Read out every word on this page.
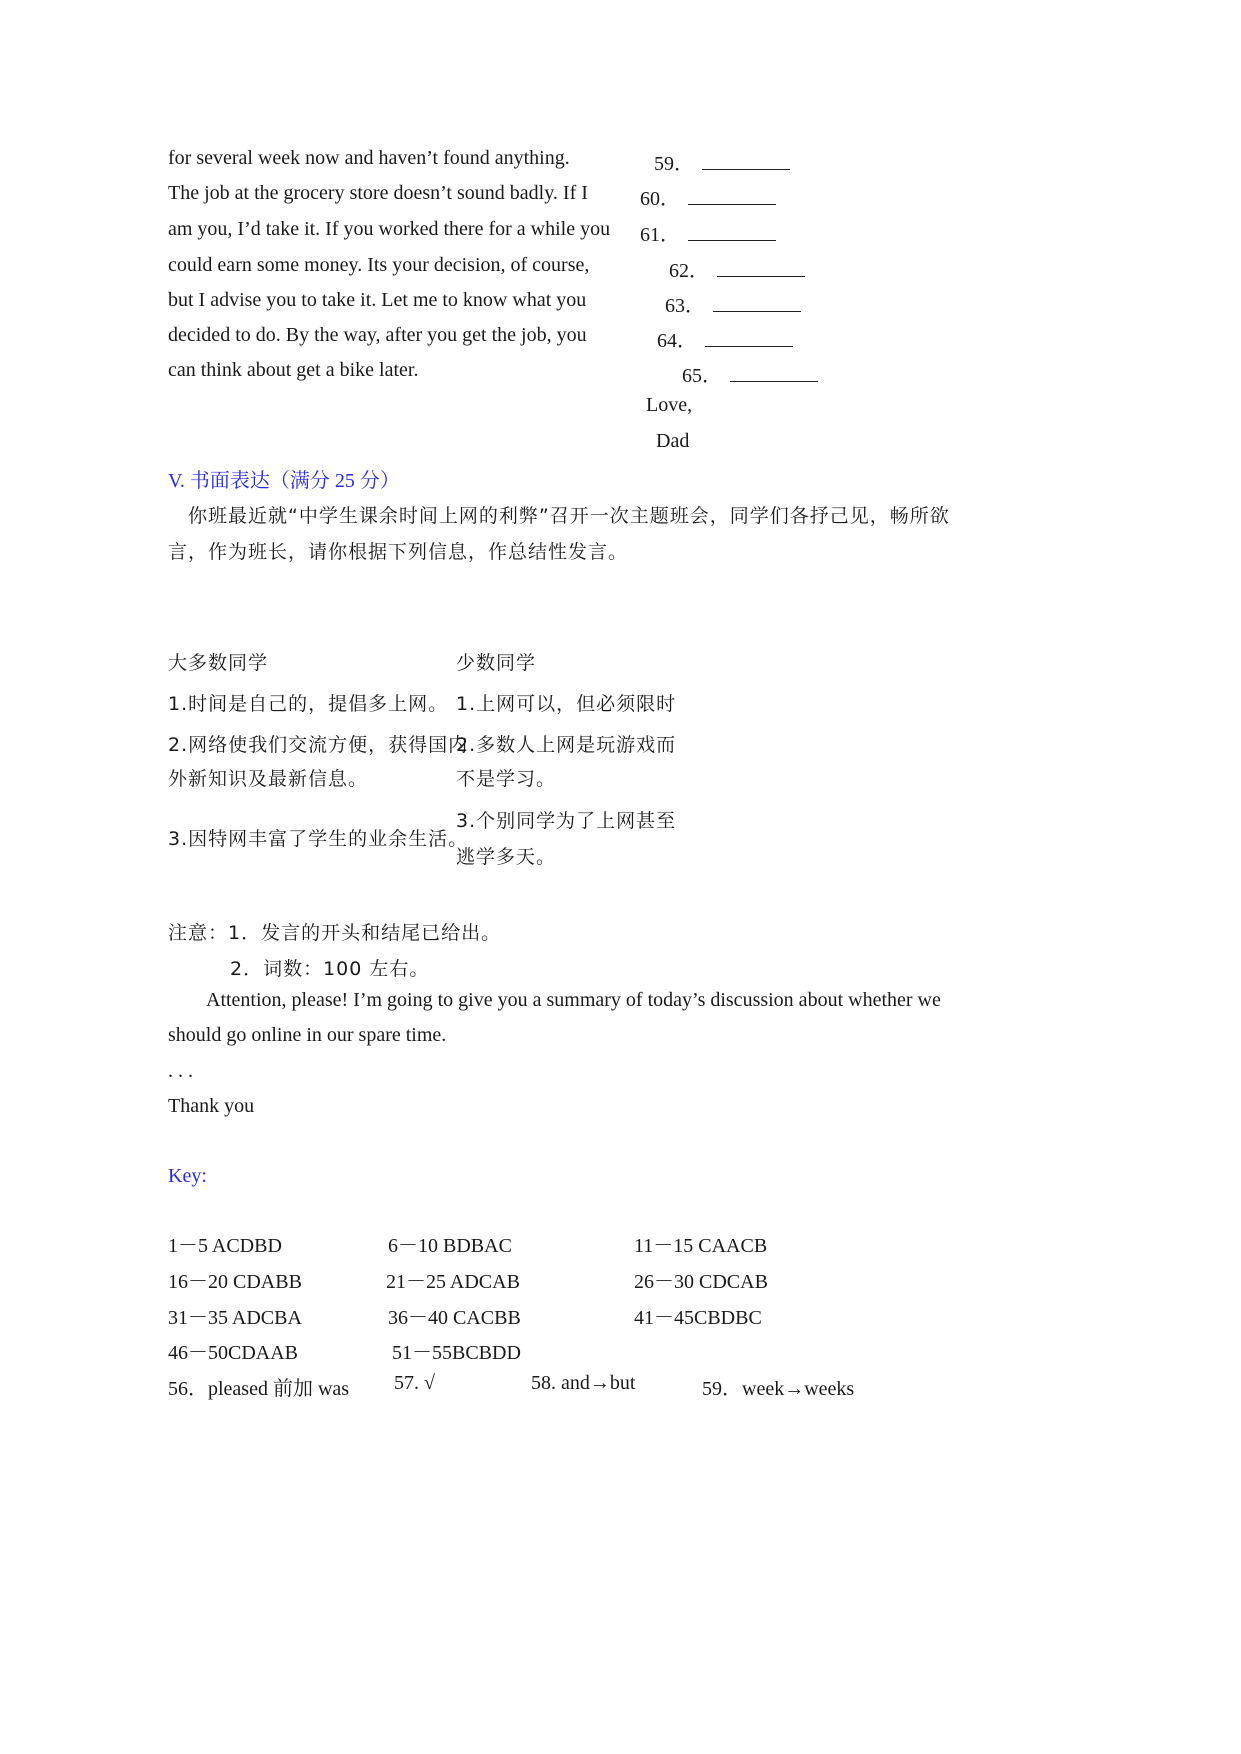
for several week now and haven’t found anything.
The job at the grocery store doesn’t sound badly. If I
am you, I’d take it. If you worked there for a while you
could earn some money. Its your decision, of course,
but I advise you to take it. Let me to know what you
decided to do. By the way, after you get the job, you
can think about get a bike later.
59．
60．
61．
62．
63．
64．
65．
Love,
Dad
V. 书面表达（满分 25 分）
你班最近就“中学生课余时间上网的利弊”召开一次主题班会，同学们各抒己见，畅所欲
言，作为班长，请你根据下列信息，作总结性发言。
大多数同学	少数同学
1.时间是自己的，提倡多上网。 1.上网可以，但必须限时
2.网络使我们交流方便，获得国内
外新知识及最新信息。
2.多数人上网是玩游戏而
不是学习。
3.因特网丰富了学生的业余生活。
3.个别同学为了上网甚至
逃学多天。
注意：1．发言的开头和结尾已给出。
2．词数：100 左右。
Attention, please! I’m going to give you a summary of today’s discussion about whether we
should go online in our spare time.
. . .
Thank you
Key:
1－5 ACDBD	6－10 BDBAC	11－15 CAACB
16－20 CDABB	21－25 ADCAB	26－30 CDCAB
31－35 ADCBA	36－40 CACBB	41－45CBDBC
46－50CDAAB	51－55BCBDD
56．pleased 前加 was 57. √	58. and→but	59．week→weeks
